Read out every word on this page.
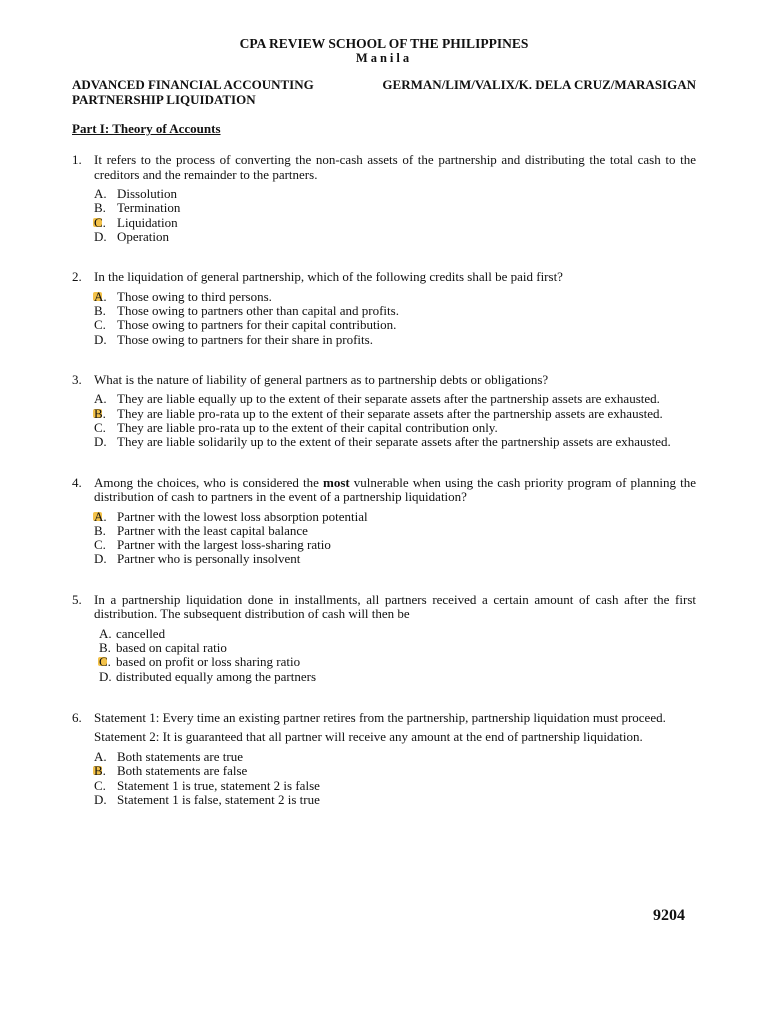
CPA REVIEW SCHOOL OF THE PHILIPPINES
Manila
ADVANCED FINANCIAL ACCOUNTING	GERMAN/LIM/VALIX/K. DELA CRUZ/MARASIGAN
PARTNERSHIP LIQUIDATION
Part I: Theory of Accounts
1. It refers to the process of converting the non-cash assets of the partnership and distributing the total cash to the creditors and the remainder to the partners.
A. Dissolution
B. Termination
C. Liquidation
D. Operation
2. In the liquidation of general partnership, which of the following credits shall be paid first?
A. Those owing to third persons.
B. Those owing to partners other than capital and profits.
C. Those owing to partners for their capital contribution.
D. Those owing to partners for their share in profits.
3. What is the nature of liability of general partners as to partnership debts or obligations?
A. They are liable equally up to the extent of their separate assets after the partnership assets are exhausted.
B. They are liable pro-rata up to the extent of their separate assets after the partnership assets are exhausted.
C. They are liable pro-rata up to the extent of their capital contribution only.
D. They are liable solidarily up to the extent of their separate assets after the partnership assets are exhausted.
4. Among the choices, who is considered the most vulnerable when using the cash priority program of planning the distribution of cash to partners in the event of a partnership liquidation?
A. Partner with the lowest loss absorption potential
B. Partner with the least capital balance
C. Partner with the largest loss-sharing ratio
D. Partner who is personally insolvent
5. In a partnership liquidation done in installments, all partners received a certain amount of cash after the first distribution. The subsequent distribution of cash will then be
A. cancelled
B. based on capital ratio
C. based on profit or loss sharing ratio
D. distributed equally among the partners
6. Statement 1: Every time an existing partner retires from the partnership, partnership liquidation must proceed.
Statement 2: It is guaranteed that all partner will receive any amount at the end of partnership liquidation.
A. Both statements are true
B. Both statements are false
C. Statement 1 is true, statement 2 is false
D. Statement 1 is false, statement 2 is true
9204
